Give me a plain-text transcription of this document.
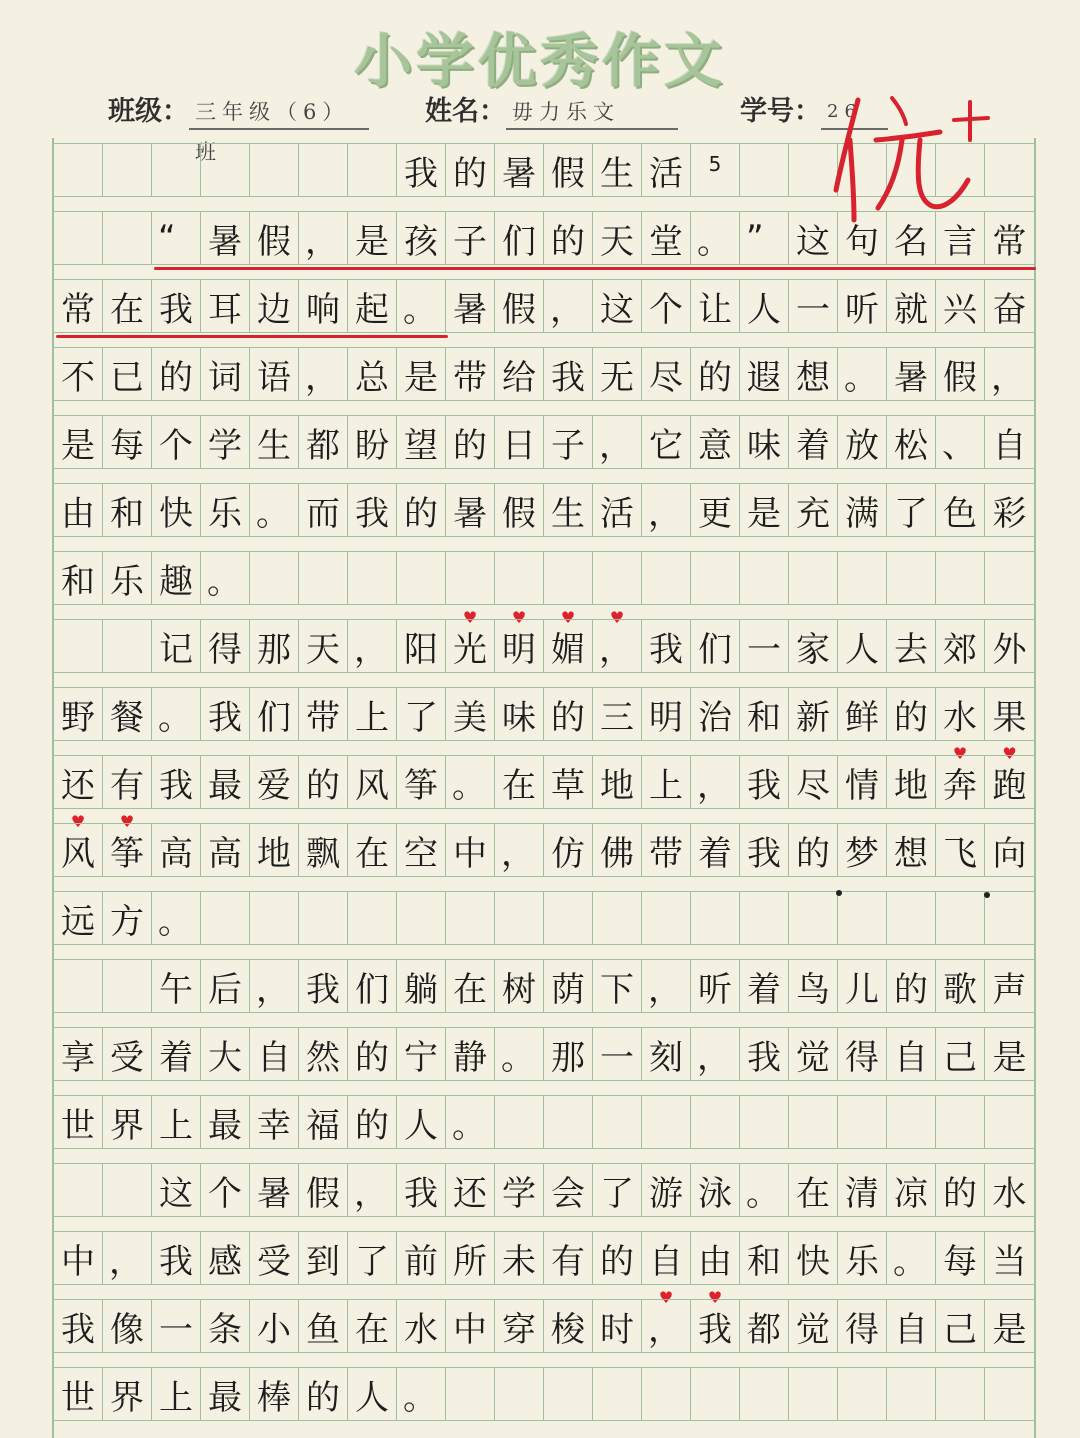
小学优秀作文
班级： 三年级（6）班
姓名： 毋力乐文	学号： 26
我 的 暑 假 生 活 5
“ 暑 假 ， 是 孩 子 们 的 天 堂 。 ” 这 句 名 言 常
常 在 我 耳 边 响 起 。 暑 假 ， 这 个 让 人 一 听 就 兴 奋
不 已 的 词 语 ， 总 是 带 给 我 无 尽 的 遐 想 。 暑 假 ，
是 每 个 学 生 都 盼 望 的 日 子 ， 它 意 味 着 放 松 、 自
由 和 快 乐 。 而 我 的 暑 假 生 活 ， 更 是 充 满 了 色 彩
和 乐 趣 。
♥ ♥ ♥ ♥
记 得 那 天 ， 阳 光 明 媚 ， 我 们 一 家 人 去 郊 外
野 餐 。 我 们 带 上 了 美 味 的 三 明 治 和 新 鲜 的 水
♥
果
♥
还
♥
有
♥
我 最 爱 的 风 筝 。 在 草 地 上 ， 我 尽 情 地 奔 跑
风 筝 高 高 地 飘 在 空 中 ， 仿 佛 带 着 我 的 梦 想 飞 向
远 方 。
午 后 ， 我 们 躺 在 树 荫 下 ， 听 着 鸟 儿 的 歌 声
享 受 着 大 自 然 的 宁 静 。 那 一 刻 ， 我 觉 得 自 己 是
世 界 上 最 幸 福 的 人 。
这 个 暑 假 ， 我 还 学 会 了 游 泳 。 在 清 凉 的 水
中 ， 我 感 受 到 了 前 所 未 有 的 自
♥
由
♥
和 快 乐 。 每 当
我 像 一 条 小 鱼 在 水 中 穿 梭 时 ， 我 都 觉 得 自 己 是
世 界 上 最 棒 的 人 。
